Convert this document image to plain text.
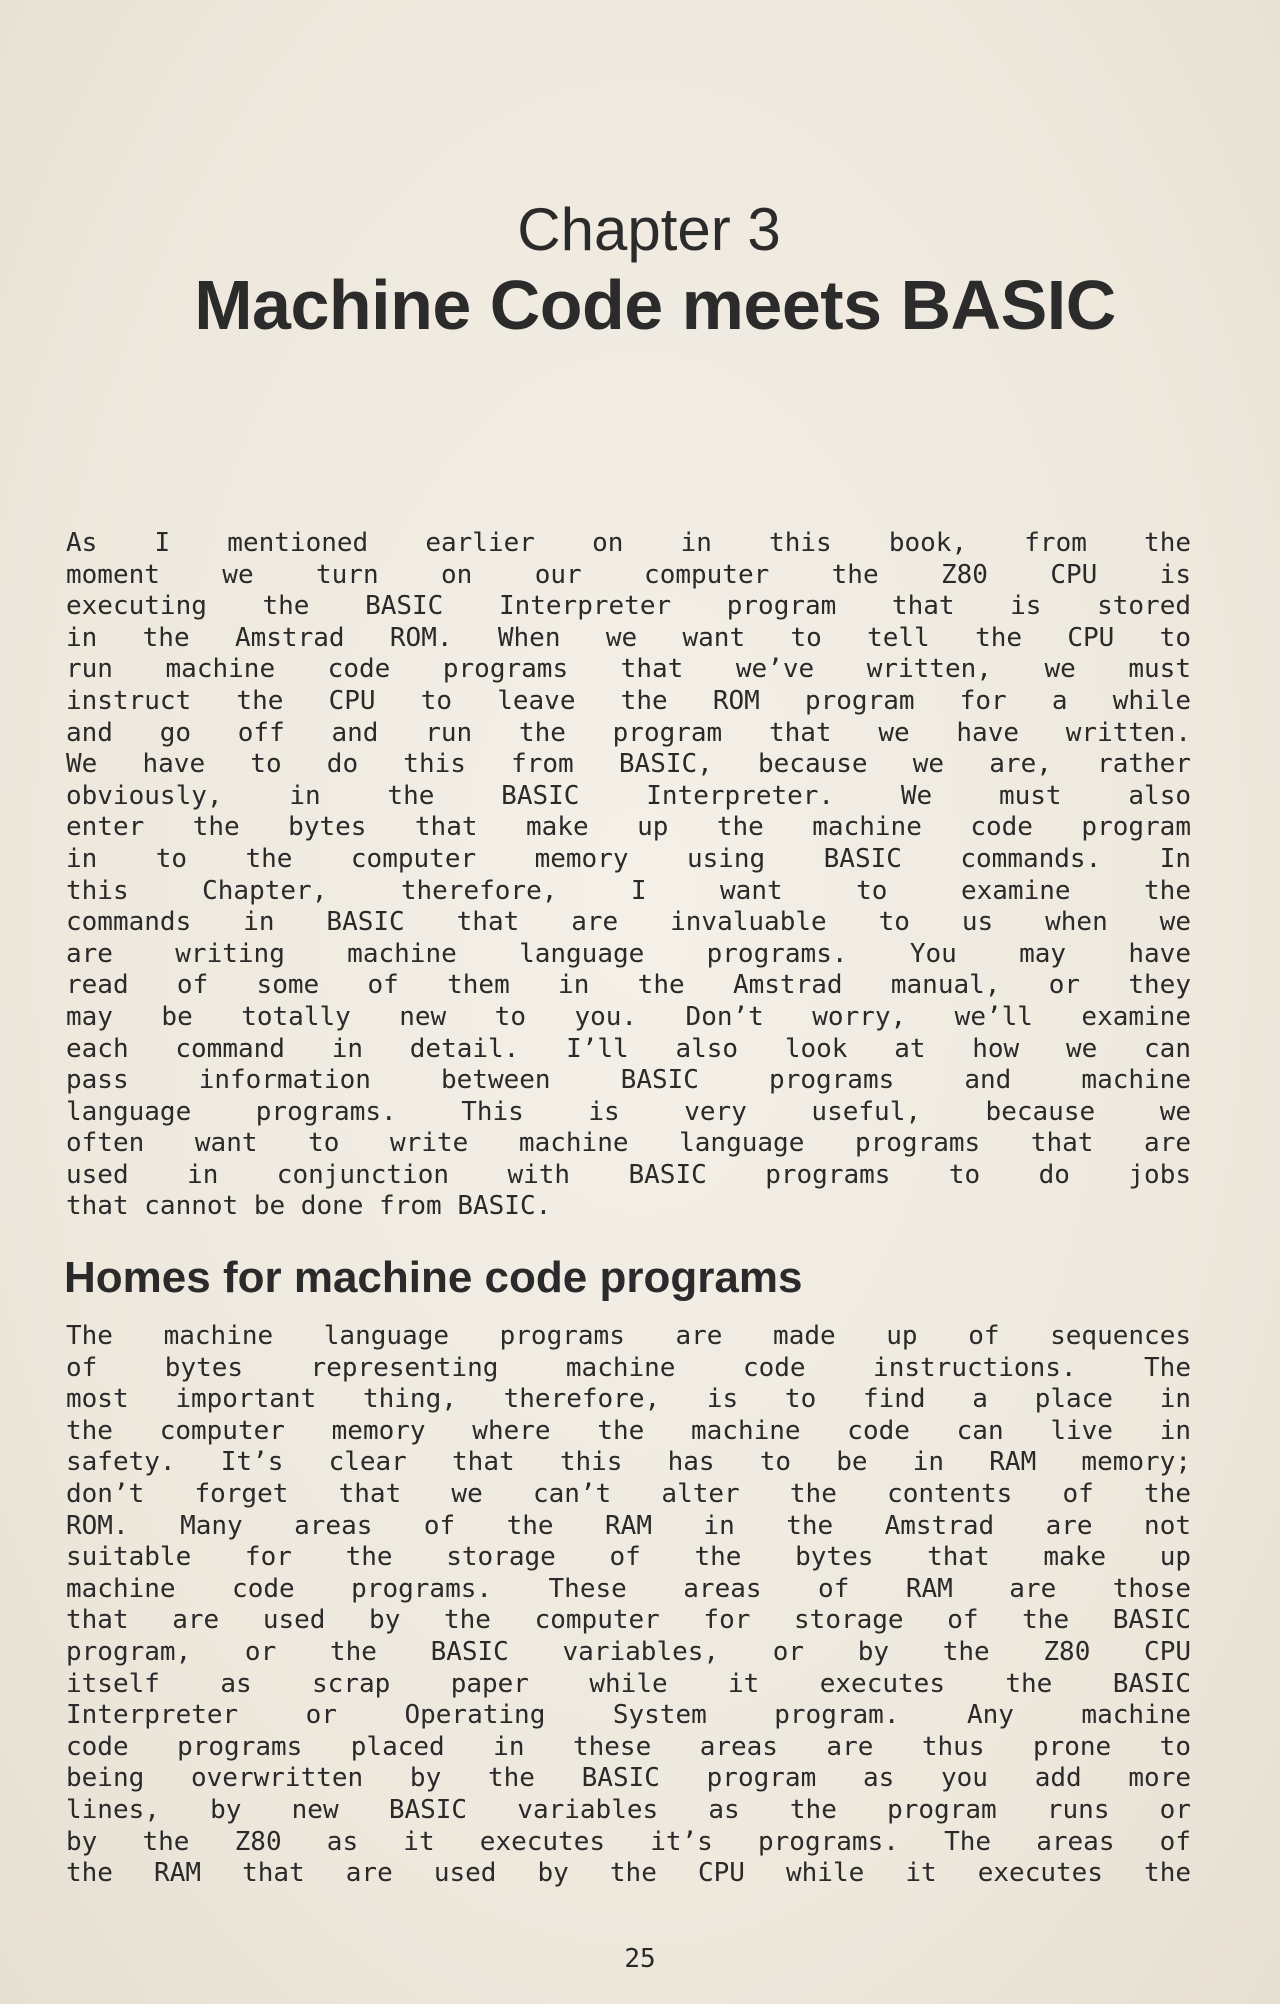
Chapter 3
Machine Code meets BASIC
As I mentioned earlier on in this book, from the
moment we turn on our computer the Z80 CPU is
executing the BASIC Interpreter program that is stored
in the Amstrad ROM. When we want to tell the CPU to
run machine code programs that we’ve written, we must
instruct the CPU to leave the ROM program for a while
and go off and run the program that we have written.
We have to do this from BASIC, because we are, rather
obviously, in the BASIC Interpreter. We must also
enter the bytes that make up the machine code program
in to the computer memory using BASIC commands. In
this Chapter, therefore, I want to examine the
commands in BASIC that are invaluable to us when we
are writing machine language programs. You may have
read of some of them in the Amstrad manual, or they
may be totally new to you. Don’t worry, we’ll examine
each command in detail. I’ll also look at how we can
pass information between BASIC programs and machine
language programs. This is very useful, because we
often want to write machine language programs that are
used in conjunction with BASIC programs to do jobs
that cannot be done from BASIC.
Homes for machine code programs
The machine language programs are made up of sequences
of bytes representing machine code instructions. The
most important thing, therefore, is to find a place in
the computer memory where the machine code can live in
safety. It’s clear that this has to be in RAM memory;
don’t forget that we can’t alter the contents of the
ROM. Many areas of the RAM in the Amstrad are not
suitable for the storage of the bytes that make up
machine code programs. These areas of RAM are those
that are used by the computer for storage of the BASIC
program, or the BASIC variables, or by the Z80 CPU
itself as scrap paper while it executes the BASIC
Interpreter or Operating System program. Any machine
code programs placed in these areas are thus prone to
being overwritten by the BASIC program as you add more
lines, by new BASIC variables as the program runs or
by the Z80 as it executes it’s programs. The areas of
the RAM that are used by the CPU while it executes the
25
